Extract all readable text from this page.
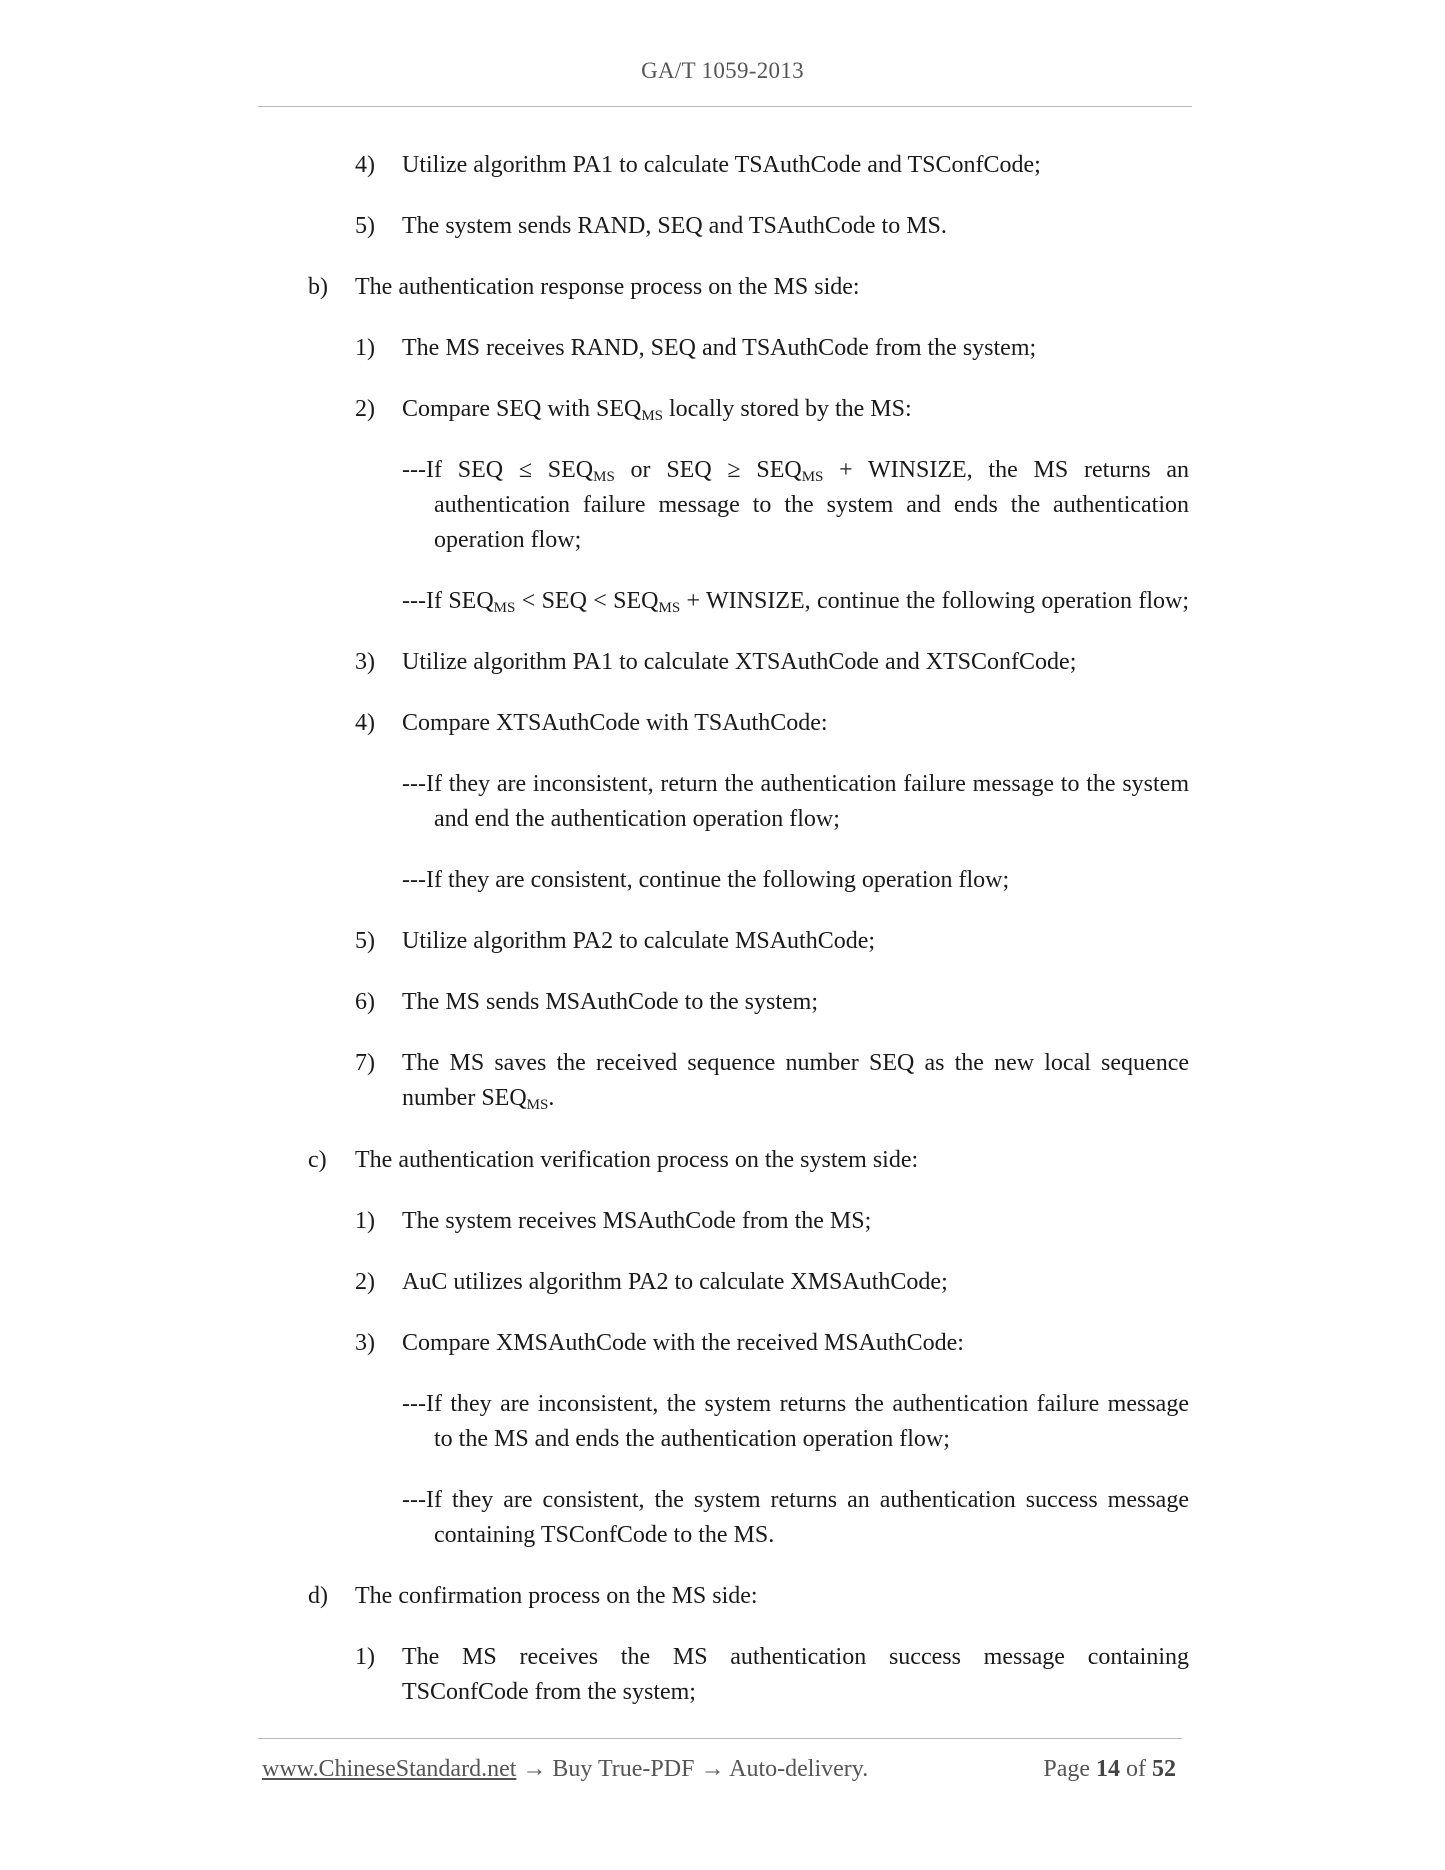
GA/T 1059-2013
4) Utilize algorithm PA1 to calculate TSAuthCode and TSConfCode;
5) The system sends RAND, SEQ and TSAuthCode to MS.
b) The authentication response process on the MS side:
1) The MS receives RAND, SEQ and TSAuthCode from the system;
2) Compare SEQ with $SEQ_{MS}$ locally stored by the MS:
---If SEQ ≤ $SEQ_{MS}$ or SEQ ≥ $SEQ_{MS}$ + WINSIZE, the MS returns an
authentication failure message to the system and ends the authentication
operation flow;
---If $SEQ_{MS}$ < SEQ < $SEQ_{MS}$ + WINSIZE, continue the following operation flow;
3) Utilize algorithm PA1 to calculate XTSAuthCode and XTSConfCode;
4) Compare XTSAuthCode with TSAuthCode:
---If they are inconsistent, return the authentication failure message to the system
and end the authentication operation flow;
---If they are consistent, continue the following operation flow;
5) Utilize algorithm PA2 to calculate MSAuthCode;
6) The MS sends MSAuthCode to the system;
7) The MS saves the received sequence number SEQ as the new local sequence
number $SEQ_{MS}$.
c) The authentication verification process on the system side:
1) The system receives MSAuthCode from the MS;
2) AuC utilizes algorithm PA2 to calculate XMSAuthCode;
3) Compare XMSAuthCode with the received MSAuthCode:
---If they are inconsistent, the system returns the authentication failure message
to the MS and ends the authentication operation flow;
---If they are consistent, the system returns an authentication success message
containing TSConfCode to the MS.
d) The confirmation process on the MS side:
1) The MS receives the MS authentication success message containing
TSConfCode from the system;
www.ChineseStandard.net → Buy True-PDF → Auto-delivery.	Page 14 of 52
